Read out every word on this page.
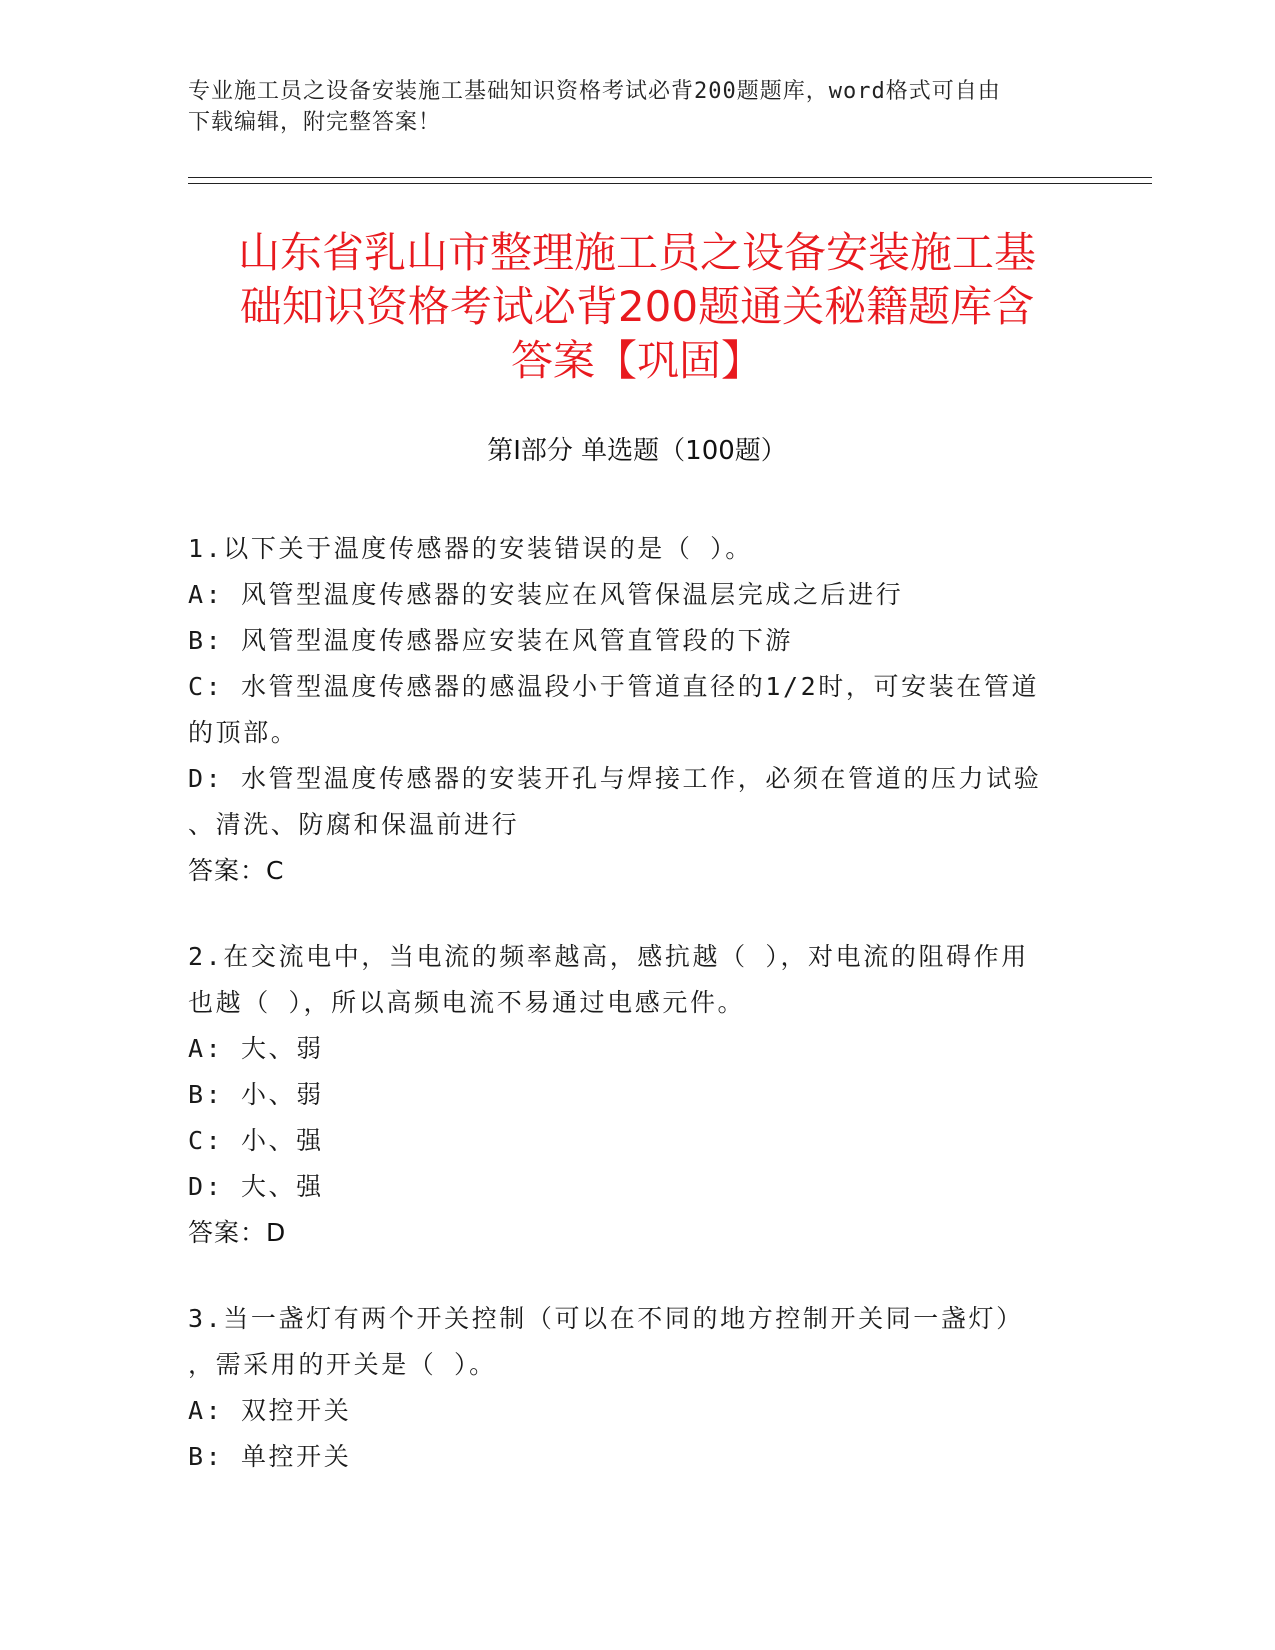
专业施工员之设备安装施工基础知识资格考试必背200题题库，word格式可自由
下载编辑，附完整答案！
山东省乳山市整理施工员之设备安装施工基
础知识资格考试必背200题通关秘籍题库含
答案【巩固】
第I部分 单选题（100题）

1.以下关于温度传感器的安装错误的是（ ）。

A: 风管型温度传感器的安装应在风管保温层完成之后进行

B: 风管型温度传感器应安装在风管直管段的下游

C: 水管型温度传感器的感温段小于管道直径的1/2时，可安装在管道

的顶部。

D: 水管型温度传感器的安装开孔与焊接工作，必须在管道的压力试验

、清洗、防腐和保温前进行

答案：C

2.在交流电中，当电流的频率越高，感抗越（ ），对电流的阻碍作用

也越（ ），所以高频电流不易通过电感元件。

A: 大、弱

B: 小、弱

C: 小、强

D: 大、强

答案：D

3.当一盏灯有两个开关控制（可以在不同的地方控制开关同一盏灯）

，需采用的开关是（ ）。

A: 双控开关

B: 单控开关
